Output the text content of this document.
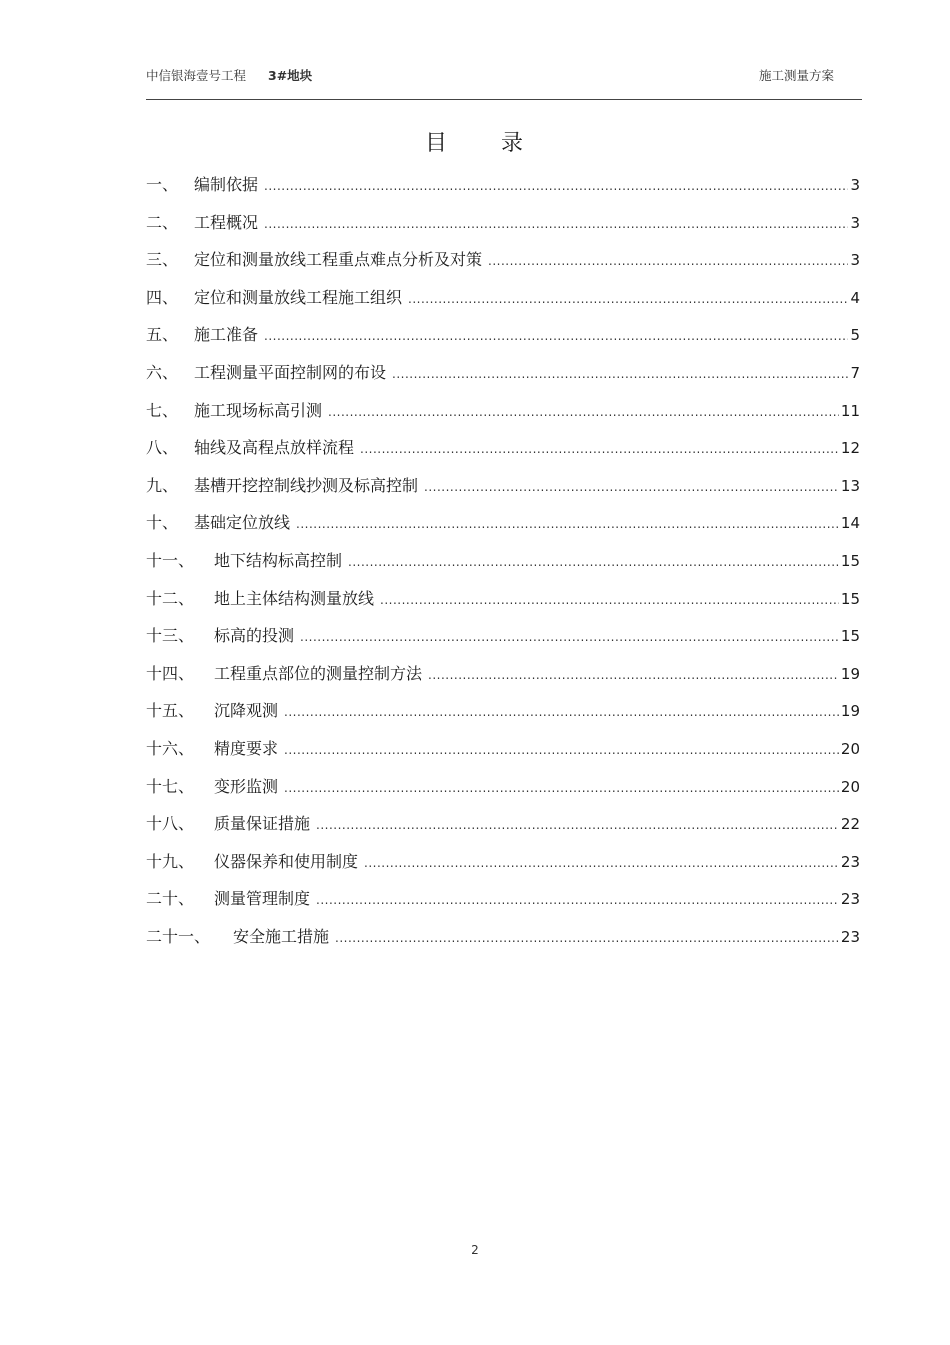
中信银海壹号工程 3#地块	施工测量方案
目 录
一、 编制依据 .....	3
二、 工程概况 .....	3
三、 定位和测量放线工程重点难点分析及对策 .....	3
四、 定位和测量放线工程施工组织 .....	4
五、 施工准备 .....	5
六、 工程测量平面控制网的布设 .....	7
七、 施工现场标高引测 .....	11
八、 轴线及高程点放样流程 .....	12
九、 基槽开挖控制线抄测及标高控制 .....	13
十、 基础定位放线 .....	14
十一、	地下结构标高控制 .....	15
十二、	地上主体结构测量放线 .....	15
十三、	标高的投测 .....	15
十四、	工程重点部位的测量控制方法 .....	19
十五、	沉降观测 .....	19
十六、	精度要求 .....	20
十七、	变形监测 .....	20
十八、	质量保证措施 .....	22
十九、	仪器保养和使用制度 .....	23
二十、	测量管理制度 .....	23
二十一、	安全施工措施 .....	23
2
